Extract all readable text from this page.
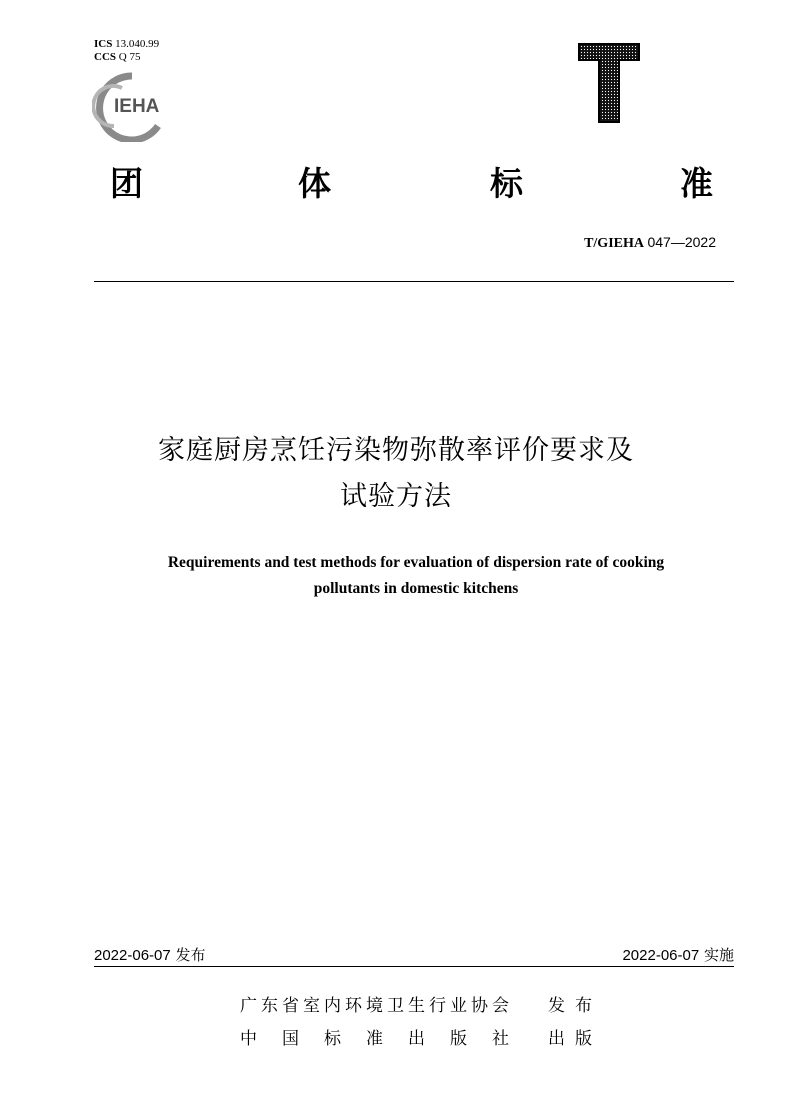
ICS 13.040.99
CCS Q 75
IEHA
团	体	标	准
T/GIEHA 047—2022
家庭厨房烹饪污染物弥散率评价要求及
试验方法
Requirements and test methods for evaluation of dispersion rate of cooking
pollutants in domestic kitchens
2022-06-07 发布	2022-06-07 实施
广 东 省 室 内 环 境 卫 生 行 业 协 会 发 布
中 国 标 准 出 版 社 出 版
